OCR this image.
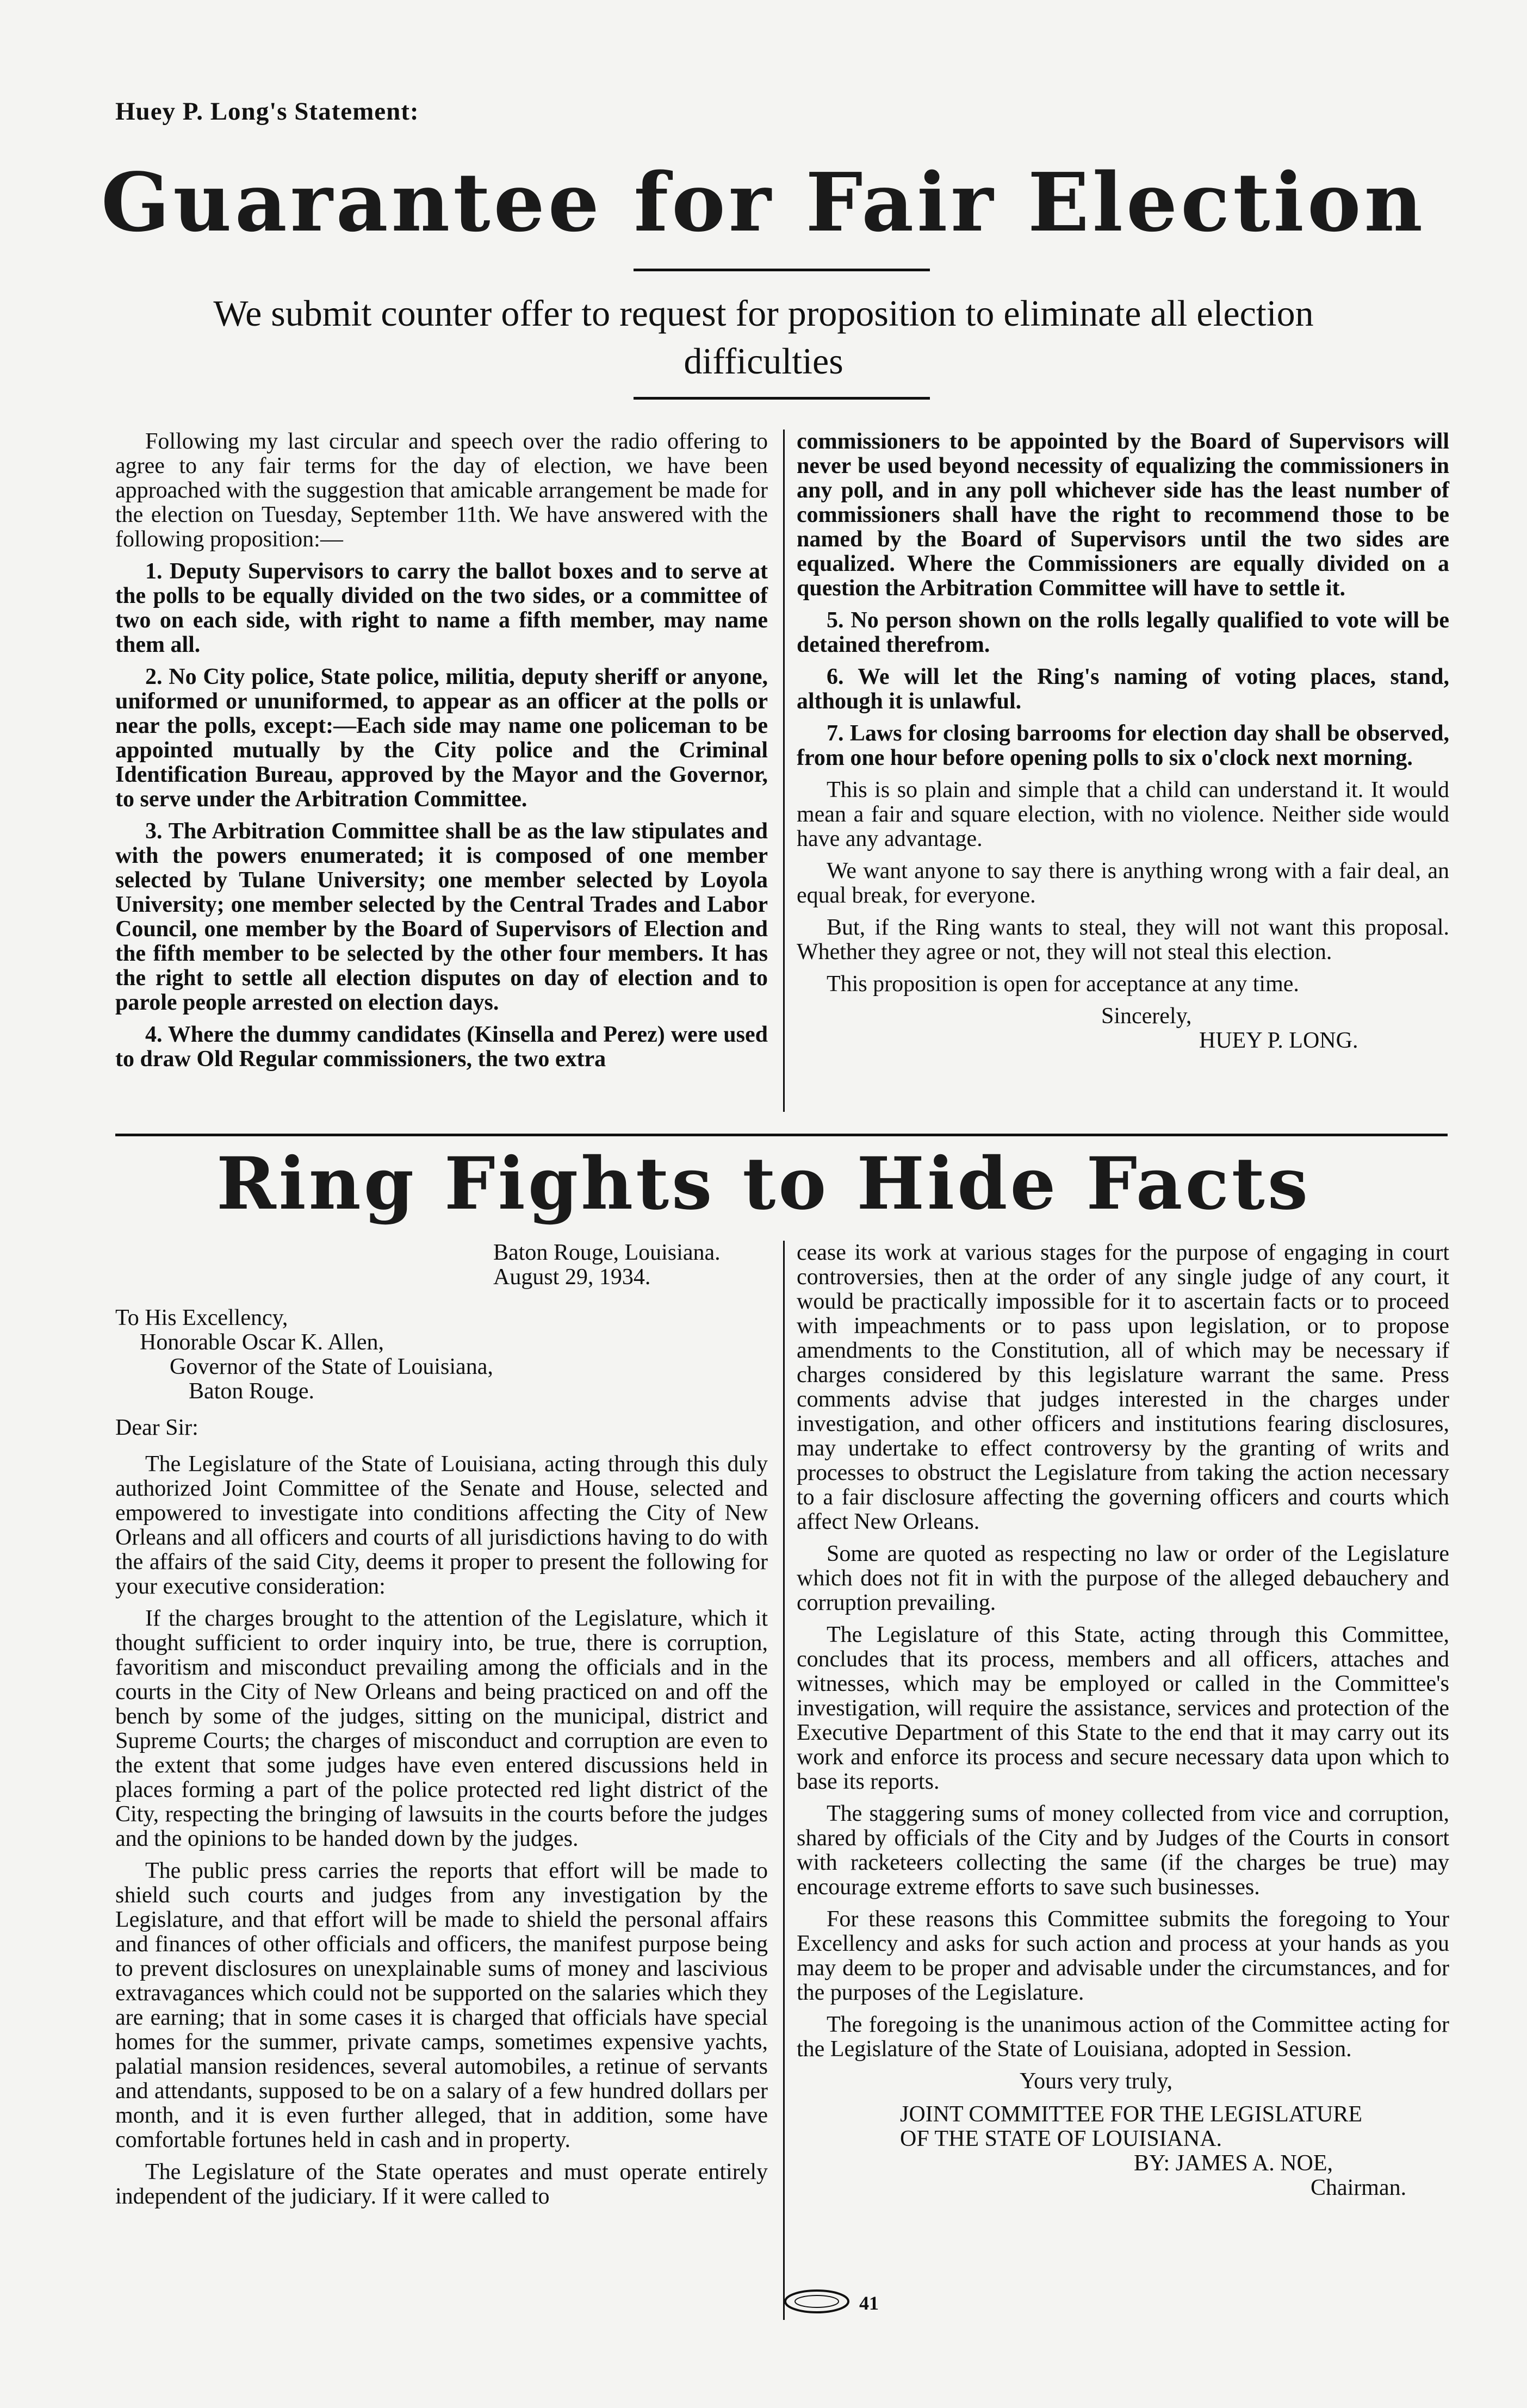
Huey P. Long's Statement:
Guarantee for Fair Election
We submit counter offer to request for proposition to eliminate all election difficulties

Following my last circular and speech over the radio offering to agree to any fair terms for the day of election, we have been approached with the suggestion that amicable arrangement be made for the election on Tuesday, September 11th. We have answered with the following proposition:—

1. Deputy Supervisors to carry the ballot boxes and to serve at the polls to be equally divided on the two sides, or a committee of two on each side, with right to name a fifth member, may name them all.

2. No City police, State police, militia, deputy sheriff or anyone, uniformed or ununiformed, to appear as an officer at the polls or near the polls, except:—Each side may name one policeman to be appointed mutually by the City police and the Criminal Identification Bureau, approved by the Mayor and the Governor, to serve under the Arbitration Committee.

3. The Arbitration Committee shall be as the law stipulates and with the powers enumerated; it is composed of one member selected by Tulane University; one member selected by Loyola University; one member selected by the Central Trades and Labor Council, one member by the Board of Supervisors of Election and the fifth member to be selected by the other four members. It has the right to settle all election disputes on day of election and to parole people arrested on election days.

4. Where the dummy candidates (Kinsella and Perez) were used to draw Old Regular commissioners, the two extra

commissioners to be appointed by the Board of Supervisors will never be used beyond necessity of equalizing the commissioners in any poll, and in any poll whichever side has the least number of commissioners shall have the right to recommend those to be named by the Board of Supervisors until the two sides are equalized. Where the Commissioners are equally divided on a question the Arbitration Committee will have to settle it.

5. No person shown on the rolls legally qualified to vote will be detained therefrom.

6. We will let the Ring's naming of voting places, stand, although it is unlawful.

7. Laws for closing barrooms for election day shall be observed, from one hour before opening polls to six o'clock next morning.

This is so plain and simple that a child can understand it. It would mean a fair and square election, with no violence. Neither side would have any advantage.

We want anyone to say there is anything wrong with a fair deal, an equal break, for everyone.

But, if the Ring wants to steal, they will not want this proposal. Whether they agree or not, they will not steal this election.

This proposition is open for acceptance at any time.

Sincerely,

HUEY P. LONG.

Ring Fights to Hide Facts

Baton Rouge, Louisiana.

August 29, 1934.

To His Excellency,

Honorable Oscar K. Allen,

Governor of the State of Louisiana,

Baton Rouge.

Dear Sir:

The Legislature of the State of Louisiana, acting through this duly authorized Joint Committee of the Senate and House, selected and empowered to investigate into conditions affecting the City of New Orleans and all officers and courts of all jurisdictions having to do with the affairs of the said City, deems it proper to present the following for your executive consideration:

If the charges brought to the attention of the Legislature, which it thought sufficient to order inquiry into, be true, there is corruption, favoritism and misconduct prevailing among the officials and in the courts in the City of New Orleans and being practiced on and off the bench by some of the judges, sitting on the municipal, district and Supreme Courts; the charges of misconduct and corruption are even to the extent that some judges have even entered discussions held in places forming a part of the police protected red light district of the City, respecting the bringing of lawsuits in the courts before the judges and the opinions to be handed down by the judges.

The public press carries the reports that effort will be made to shield such courts and judges from any investigation by the Legislature, and that effort will be made to shield the personal affairs and finances of other officials and officers, the manifest purpose being to prevent disclosures on unexplainable sums of money and lascivious extravagances which could not be supported on the salaries which they are earning; that in some cases it is charged that officials have special homes for the summer, private camps, sometimes expensive yachts, palatial mansion residences, several automobiles, a retinue of servants and attendants, supposed to be on a salary of a few hundred dollars per month, and it is even further alleged, that in addition, some have comfortable fortunes held in cash and in property.

The Legislature of the State operates and must operate entirely independent of the judiciary. If it were called to

cease its work at various stages for the purpose of engaging in court controversies, then at the order of any single judge of any court, it would be practically impossible for it to ascertain facts or to proceed with impeachments or to pass upon legislation, or to propose amendments to the Constitution, all of which may be necessary if charges considered by this legislature warrant the same. Press comments advise that judges interested in the charges under investigation, and other officers and institutions fearing disclosures, may undertake to effect controversy by the granting of writs and processes to obstruct the Legislature from taking the action necessary to a fair disclosure affecting the governing officers and courts which affect New Orleans.

Some are quoted as respecting no law or order of the Legislature which does not fit in with the purpose of the alleged debauchery and corruption prevailing.

The Legislature of this State, acting through this Committee, concludes that its process, members and all officers, attaches and witnesses, which may be employed or called in the Committee's investigation, will require the assistance, services and protection of the Executive Department of this State to the end that it may carry out its work and enforce its process and secure necessary data upon which to base its reports.

The staggering sums of money collected from vice and corruption, shared by officials of the City and by Judges of the Courts in consort with racketeers collecting the same (if the charges be true) may encourage extreme efforts to save such businesses.

For these reasons this Committee submits the foregoing to Your Excellency and asks for such action and process at your hands as you may deem to be proper and advisable under the circumstances, and for the purposes of the Legislature.

The foregoing is the unanimous action of the Committee acting for the Legislature of the State of Louisiana, adopted in Session.

Yours very truly,

JOINT COMMITTEE FOR THE LEGISLATURE

OF THE STATE OF LOUISIANA.

BY: JAMES A. NOE,

Chairman.

41
